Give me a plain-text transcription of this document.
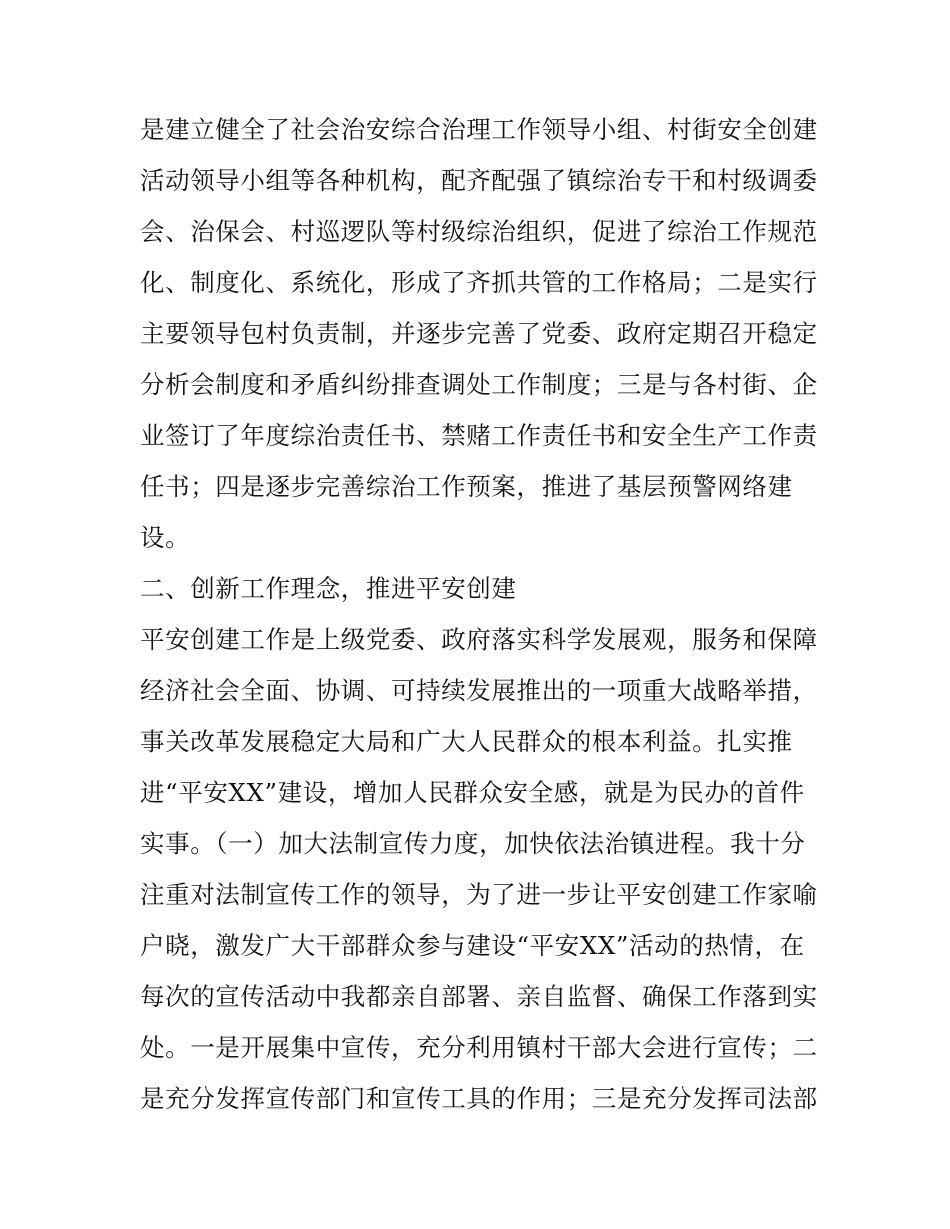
是建立健全了社会治安综合治理工作领导小组、村街安全创建
活动领导小组等各种机构，配齐配强了镇综治专干和村级调委
会、治保会、村巡逻队等村级综治组织，促进了综治工作规范
化、制度化、系统化，形成了齐抓共管的工作格局；二是实行
主要领导包村负责制，并逐步完善了党委、政府定期召开稳定
分析会制度和矛盾纠纷排查调处工作制度；三是与各村街、企
业签订了年度综治责任书、禁赌工作责任书和安全生产工作责
任书；四是逐步完善综治工作预案，推进了基层预警网络建
设。
二、创新工作理念，推进平安创建
平安创建工作是上级党委、政府落实科学发展观，服务和保障
经济社会全面、协调、可持续发展推出的一项重大战略举措，
事关改革发展稳定大局和广大人民群众的根本利益。扎实推
进“平安XX”建设，增加人民群众安全感，就是为民办的首件
实事。（一）加大法制宣传力度，加快依法治镇进程。我十分
注重对法制宣传工作的领导，为了进一步让平安创建工作家喻
户晓，激发广大干部群众参与建设“平安XX”活动的热情，在
每次的宣传活动中我都亲自部署、亲自监督、确保工作落到实
处。一是开展集中宣传，充分利用镇村干部大会进行宣传；二
是充分发挥宣传部门和宣传工具的作用；三是充分发挥司法部
